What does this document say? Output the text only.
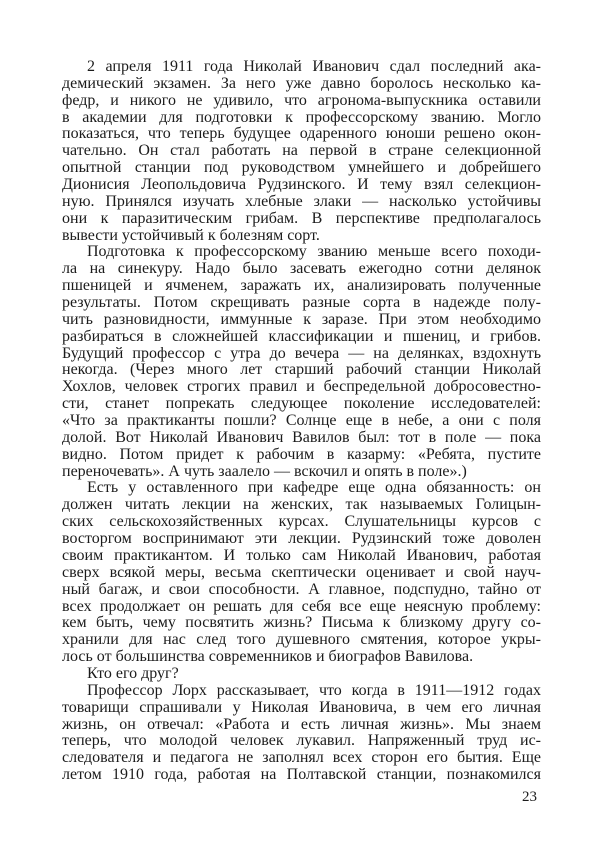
2 апреля 1911 года Николай Иванович сдал последний ака-
демический экзамен. За него уже давно боролось несколько ка-
федр, и никого не удивило, что агронома-выпускника оставили
в академии для подготовки к профессорскому званию. Могло
показаться, что теперь будущее одаренного юноши решено окон-
чательно. Он стал работать на первой в стране селекционной
опытной станции под руководством умнейшего и добрейшего
Дионисия Леопольдовича Рудзинского. И тему взял селекцион-
ную. Принялся изучать хлебные злаки — насколько устойчивы
они к паразитическим грибам. В перспективе предполагалось
вывести устойчивый к болезням сорт.
Подготовка к профессорскому званию меньше всего походи-
ла на синекуру. Надо было засевать ежегодно сотни делянок
пшеницей и ячменем, заражать их, анализировать полученные
результаты. Потом скрещивать разные сорта в надежде полу-
чить разновидности, иммунные к заразе. При этом необходимо
разбираться в сложнейшей классификации и пшениц, и грибов.
Будущий профессор с утра до вечера — на делянках, вздохнуть
некогда. (Через много лет старший рабочий станции Николай
Хохлов, человек строгих правил и беспредельной добросовестно-
сти, станет попрекать следующее поколение исследователей:
«Что за практиканты пошли? Солнце еще в небе, а они с поля
долой. Вот Николай Иванович Вавилов был: тот в поле — пока
видно. Потом придет к рабочим в казарму: «Ребята, пустите
переночевать». А чуть заалело — вскочил и опять в поле».)
Есть у оставленного при кафедре еще одна обязанность: он
должен читать лекции на женских, так называемых Голицын-
ских сельскохозяйственных курсах. Слушательницы курсов с
восторгом воспринимают эти лекции. Рудзинский тоже доволен
своим практикантом. И только сам Николай Иванович, работая
сверх всякой меры, весьма скептически оценивает и свой науч-
ный багаж, и свои способности. А главное, подспудно, тайно от
всех продолжает он решать для себя все еще неясную проблему:
кем быть, чему посвятить жизнь? Письма к близкому другу со-
хранили для нас след того душевного смятения, которое укры-
лось от большинства современников и биографов Вавилова.
Кто его друг?
Профессор Лорх рассказывает, что когда в 1911—1912 годах
товарищи спрашивали у Николая Ивановича, в чем его личная
жизнь, он отвечал: «Работа и есть личная жизнь». Мы знаем
теперь, что молодой человек лукавил. Напряженный труд ис-
следователя и педагога не заполнял всех сторон его бытия. Еще
летом 1910 года, работая на Полтавской станции, познакомился
23
